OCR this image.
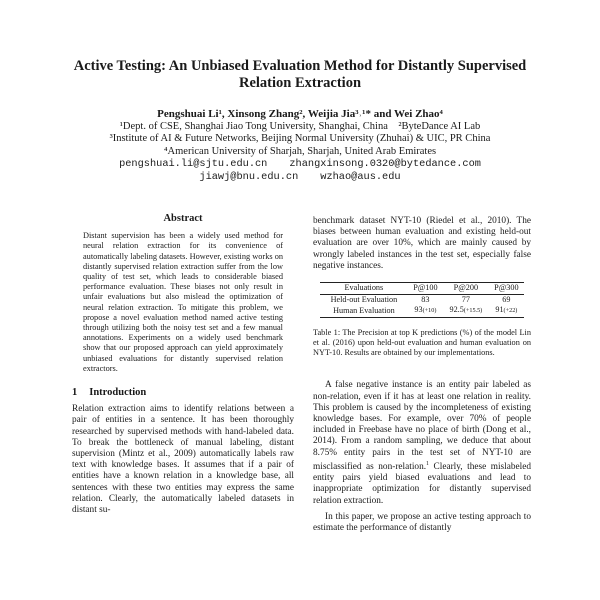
Active Testing: An Unbiased Evaluation Method for Distantly Supervised Relation Extraction
Pengshuai Li¹, Xinsong Zhang², Weijia Jia³˒¹* and Wei Zhao⁴
¹Dept. of CSE, Shanghai Jiao Tong University, Shanghai, China    ²ByteDance AI Lab
³Institute of AI & Future Networks, Beijing Normal University (Zhuhai) & UIC, PR China
⁴American University of Sharjah, Sharjah, United Arab Emirates
pengshuai.li@sjtu.edu.cn zhangxinsong.0320@bytedance.com
jiawj@bnu.edu.cn wzhao@aus.edu
Abstract

Distant supervision has been a widely used method for neural relation extraction for its convenience of automatically labeling datasets. However, existing works on distantly supervised relation extraction suffer from the low quality of test set, which leads to considerable biased performance evaluation. These biases not only result in unfair evaluations but also mislead the optimization of neural relation extraction. To mitigate this problem, we propose a novel evaluation method named active testing through utilizing both the noisy test set and a few manual annotations. Experiments on a widely used benchmark show that our proposed approach can yield approximately unbiased evaluations for distantly supervised relation extractors.

1 Introduction

Relation extraction aims to identify relations between a pair of entities in a sentence. It has been thoroughly researched by supervised methods with hand-labeled data. To break the bottleneck of manual labeling, distant supervision (Mintz et al., 2009) automatically labels raw text with knowledge bases. It assumes that if a pair of entities have a known relation in a knowledge base, all sentences with these two entities may express the same relation. Clearly, the automatically labeled datasets in distant su-

benchmark dataset NYT-10 (Riedel et al., 2010). The biases between human evaluation and existing held-out evaluation are over 10%, which are mainly caused by wrongly labeled instances in the test set, especially false negative instances.

Evaluations	P@100	P@200	P@300
Held-out Evaluation	83	77	69
Human Evaluation	93(+10)	92.5(+15.5)	91(+22)

Table 1: The Precision at top K predictions (%) of the model Lin et al. (2016) upon held-out evaluation and human evaluation on NYT-10. Results are obtained by our implementations.

A false negative instance is an entity pair labeled as non-relation, even if it has at least one relation in reality. This problem is caused by the incompleteness of existing knowledge bases. For example, over 70% of people included in Freebase have no place of birth (Dong et al., 2014). From a random sampling, we deduce that about 8.75% entity pairs in the test set of NYT-10 are misclassified as non-relation.$^1$ Clearly, these mislabeled entity pairs yield biased evaluations and lead to inappropriate optimization for distantly supervised relation extraction.

In this paper, we propose an active testing approach to estimate the performance of distantly
